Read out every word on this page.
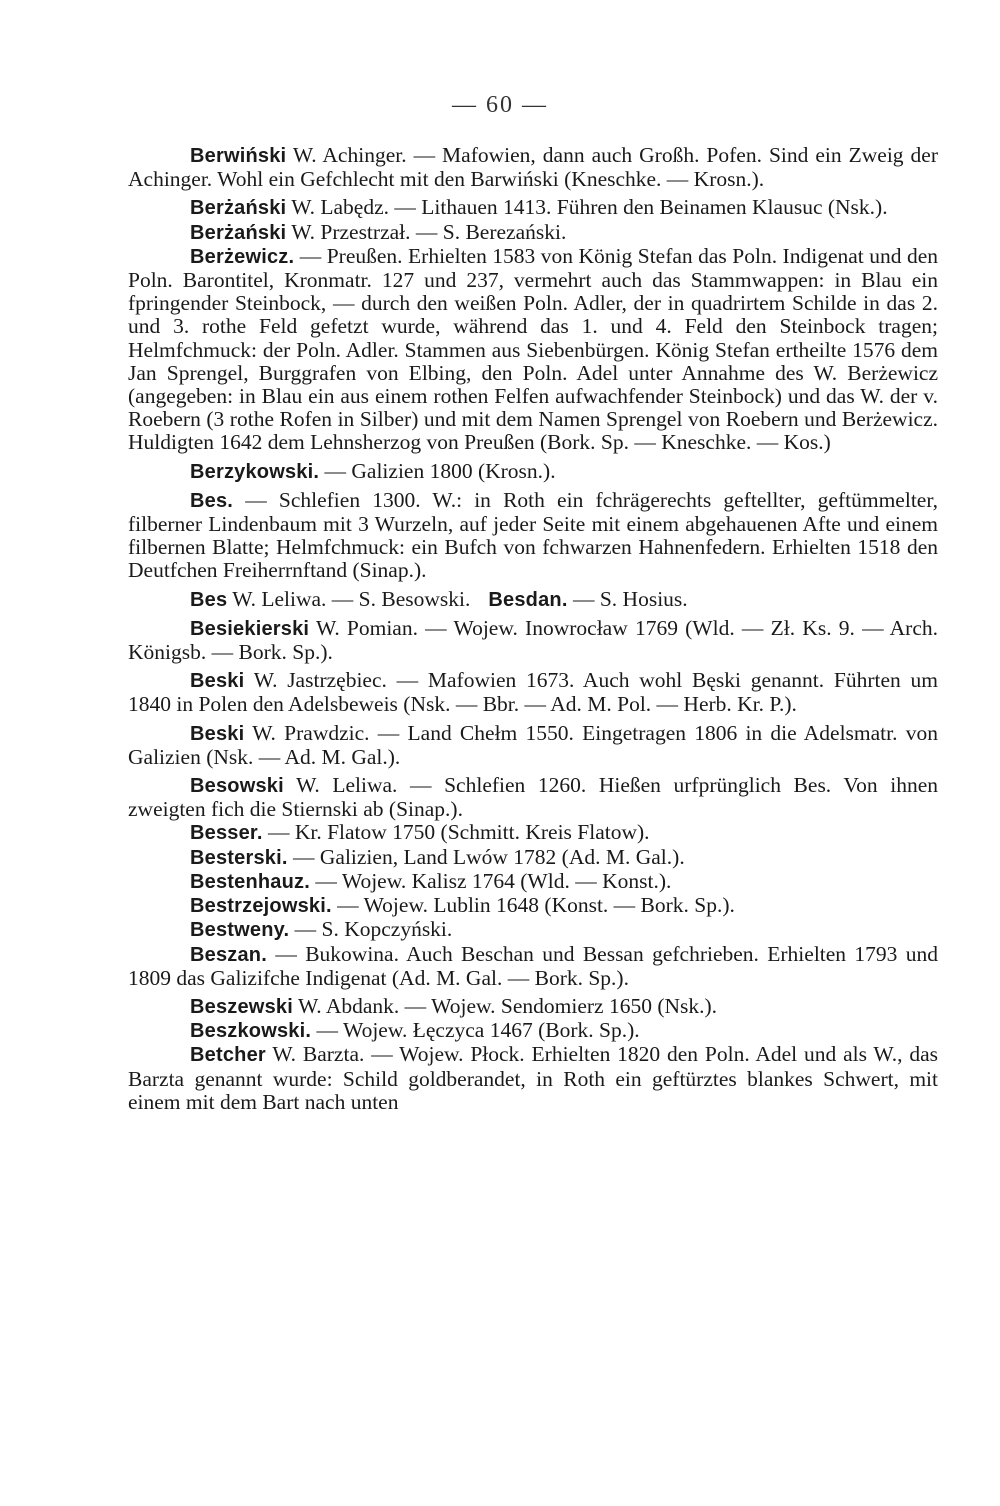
— 60 —

Berwiński W. Achinger. — Mafowien, dann auch Großh. Pofen. Sind ein Zweig der Achinger. Wohl ein Gefchlecht mit den Barwiński (Kneschke. — Krosn.).

Berżański W. Labędz. — Lithauen 1413. Führen den Beinamen Klausuc (Nsk.).

Berżański W. Przestrzał. — S. Berezański.

Berżewicz. — Preußen. Erhielten 1583 von König Stefan das Poln. Indigenat und den Poln. Barontitel, Kronmatr. 127 und 237, vermehrt auch das Stammwappen: in Blau ein fpringender Steinbock, — durch den weißen Poln. Adler, der in quadrirtem Schilde in das 2. und 3. rothe Feld gefetzt wurde, während das 1. und 4. Feld den Steinbock tragen; Helmfchmuck: der Poln. Adler. Stammen aus Siebenbürgen. König Stefan ertheilte 1576 dem Jan Sprengel, Burggrafen von Elbing, den Poln. Adel unter Annahme des W. Berżewicz (angegeben: in Blau ein aus einem rothen Felfen aufwachfender Steinbock) und das W. der v. Roebern (3 rothe Rofen in Silber) und mit dem Namen Sprengel von Roebern und Berżewicz. Huldigten 1642 dem Lehnsherzog von Preußen (Bork. Sp. — Kneschke. — Kos.)

Berzykowski. — Galizien 1800 (Krosn.).

Bes. — Schlefien 1300. W.: in Roth ein fchrägerechts geftellter, geftümmelter, filberner Lindenbaum mit 3 Wurzeln, auf jeder Seite mit einem abgehauenen Afte und einem filbernen Blatte; Helmfchmuck: ein Bufch von fchwarzen Hahnenfedern. Erhielten 1518 den Deutfchen Freiherrnftand (Sinap.).

Bes W. Leliwa. — S. Besowski. Besdan. — S. Hosius.

Besiekierski W. Pomian. — Wojew. Inowrocław 1769 (Wld. — Zł. Ks. 9. — Arch. Königsb. — Bork. Sp.).

Beski W. Jastrzębiec. — Mafowien 1673. Auch wohl Bęski genannt. Führten um 1840 in Polen den Adelsbeweis (Nsk. — Bbr. — Ad. M. Pol. — Herb. Kr. P.).

Beski W. Prawdzic. — Land Chełm 1550. Eingetragen 1806 in die Adelsmatr. von Galizien (Nsk. — Ad. M. Gal.).

Besowski W. Leliwa. — Schlefien 1260. Hießen urfprünglich Bes. Von ihnen zweigten fich die Stiernski ab (Sinap.).

Besser. — Kr. Flatow 1750 (Schmitt. Kreis Flatow).

Besterski. — Galizien, Land Lwów 1782 (Ad. M. Gal.).

Bestenhauz. — Wojew. Kalisz 1764 (Wld. — Konst.).

Bestrzejowski. — Wojew. Lublin 1648 (Konst. — Bork. Sp.).

Bestweny. — S. Kopczyński.

Beszan. — Bukowina. Auch Beschan und Bessan gefchrieben. Erhielten 1793 und 1809 das Galizifche Indigenat (Ad. M. Gal. — Bork. Sp.).

Beszewski W. Abdank. — Wojew. Sendomierz 1650 (Nsk.).

Beszkowski. — Wojew. Łęczyca 1467 (Bork. Sp.).

Betcher W. Barzta. — Wojew. Płock. Erhielten 1820 den Poln. Adel und als W., das Barzta genannt wurde: Schild goldberandet, in Roth ein geftürztes blankes Schwert, mit einem mit dem Bart nach unten
